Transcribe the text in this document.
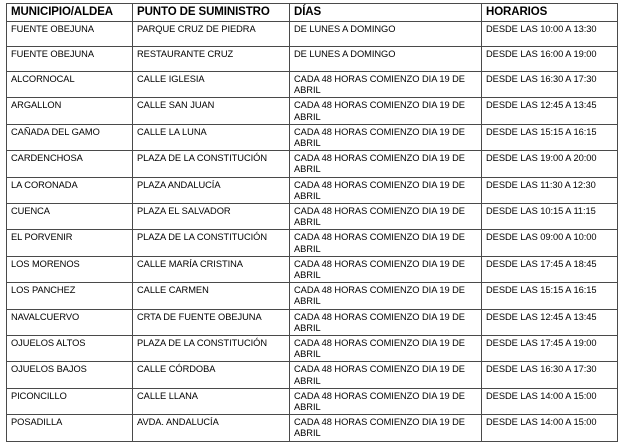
MUNICIPIO/ALDEA	PUNTO DE SUMINISTRO	DÍAS	HORARIOS

FUENTE OBEJUNA	PARQUE CRUZ DE PIEDRA	DE LUNES A DOMINGO	DESDE LAS 10:00 A 13:30

FUENTE OBEJUNA	RESTAURANTE CRUZ	DE LUNES A DOMINGO	DESDE LAS 16:00 A 19:00

ALCORNOCAL	CALLE IGLESIA	CADA 48 HORAS COMIENZO DIA 19 DE ABRIL	DESDE LAS 16:30 A 17:30

ARGALLON	CALLE SAN JUAN	CADA 48 HORAS COMIENZO DIA 19 DE ABRIL	DESDE LAS 12:45 A 13:45

CAÑADA DEL GAMO	CALLE LA LUNA	CADA 48 HORAS COMIENZO DIA 19 DE ABRIL	DESDE LAS 15:15 A 16:15

CARDENCHOSA	PLAZA DE LA CONSTITUCIÓN	CADA 48 HORAS COMIENZO DIA 19 DE ABRIL	DESDE LAS 19:00 A 20:00

LA CORONADA	PLAZA ANDALUCÍA	CADA 48 HORAS COMIENZO DIA 19 DE ABRIL	DESDE LAS 11:30 A 12:30

CUENCA	PLAZA EL SALVADOR	CADA 48 HORAS COMIENZO DIA 19 DE ABRIL	DESDE LAS 10:15 A 11:15

EL PORVENIR	PLAZA DE LA CONSTITUCIÓN	CADA 48 HORAS COMIENZO DIA 19 DE ABRIL	DESDE LAS 09:00 A 10:00

LOS MORENOS	CALLE MARÍA CRISTINA	CADA 48 HORAS COMIENZO DIA 19 DE ABRIL	DESDE LAS 17:45 A 18:45

LOS PANCHEZ	CALLE CARMEN	CADA 48 HORAS COMIENZO DIA 19 DE ABRIL	DESDE LAS 15:15 A 16:15

NAVALCUERVO	CRTA DE FUENTE OBEJUNA	CADA 48 HORAS COMIENZO DIA 19 DE ABRIL	DESDE LAS 12:45 A 13:45

OJUELOS ALTOS	PLAZA DE LA CONSTITUCIÓN	CADA 48 HORAS COMIENZO DIA 19 DE ABRIL	DESDE LAS 17:45 A 19:00

OJUELOS BAJOS	CALLE CÓRDOBA	CADA 48 HORAS COMIENZO DIA 19 DE ABRIL	DESDE LAS 16:30 A 17:30

PICONCILLO	CALLE LLANA	CADA 48 HORAS COMIENZO DIA 19 DE ABRIL	DESDE LAS 14:00 A 15:00

POSADILLA	AVDA. ANDALUCÍA	CADA 48 HORAS COMIENZO DIA 19 DE ABRIL	DESDE LAS 14:00 A 15:00
